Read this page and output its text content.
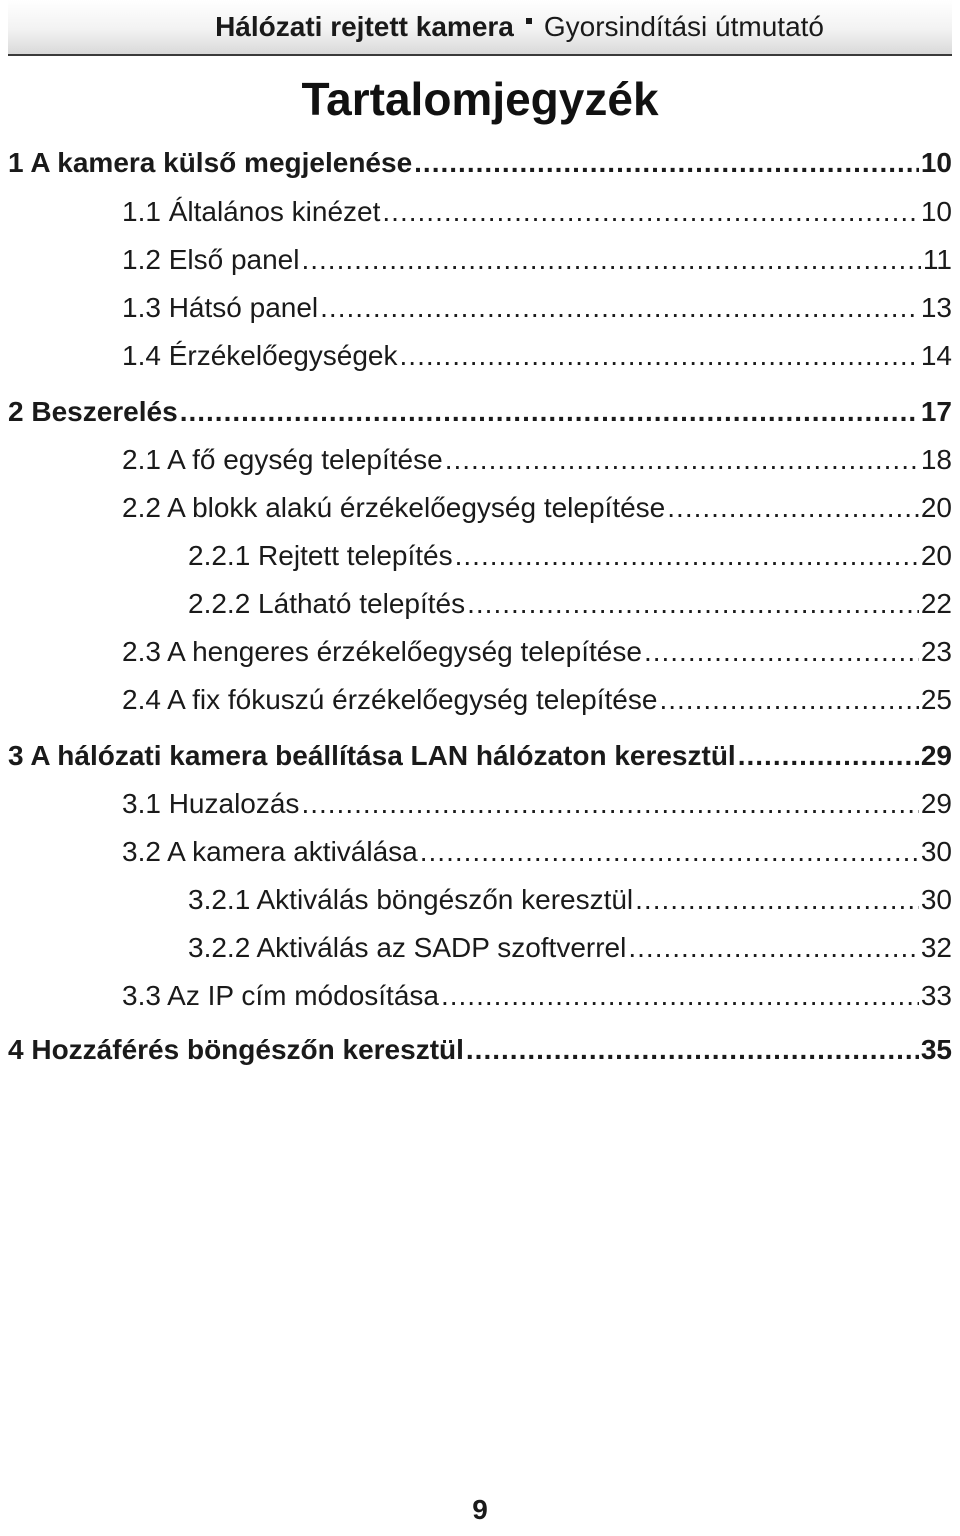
Hálózati rejtett kamera Gyorsindítási útmutató
Tartalomjegyzék
1 A kamera külső megjelenése .....	10
1.1 Általános kinézet .....	10
1.2 Első panel .....	11
1.3 Hátsó panel .....	13
1.4 Érzékelőegységek .....	14
2 Beszerelés .....	17
2.1 A fő egység telepítése .....	18
2.2 A blokk alakú érzékelőegység telepítése .....	20
2.2.1 Rejtett telepítés .....	20
2.2.2 Látható telepítés .....	22
2.3 A hengeres érzékelőegység telepítése .....	23
2.4 A fix fókuszú érzékelőegység telepítése .....	25
3 A hálózati kamera beállítása LAN hálózaton keresztül .....	29
3.1 Huzalozás .....	29
3.2 A kamera aktiválása .....	30
3.2.1 Aktiválás böngészőn keresztül .....	30
3.2.2 Aktiválás az SADP szoftverrel .....	32
3.3 Az IP cím módosítása .....	33
4 Hozzáférés böngészőn keresztül .....	35
9
